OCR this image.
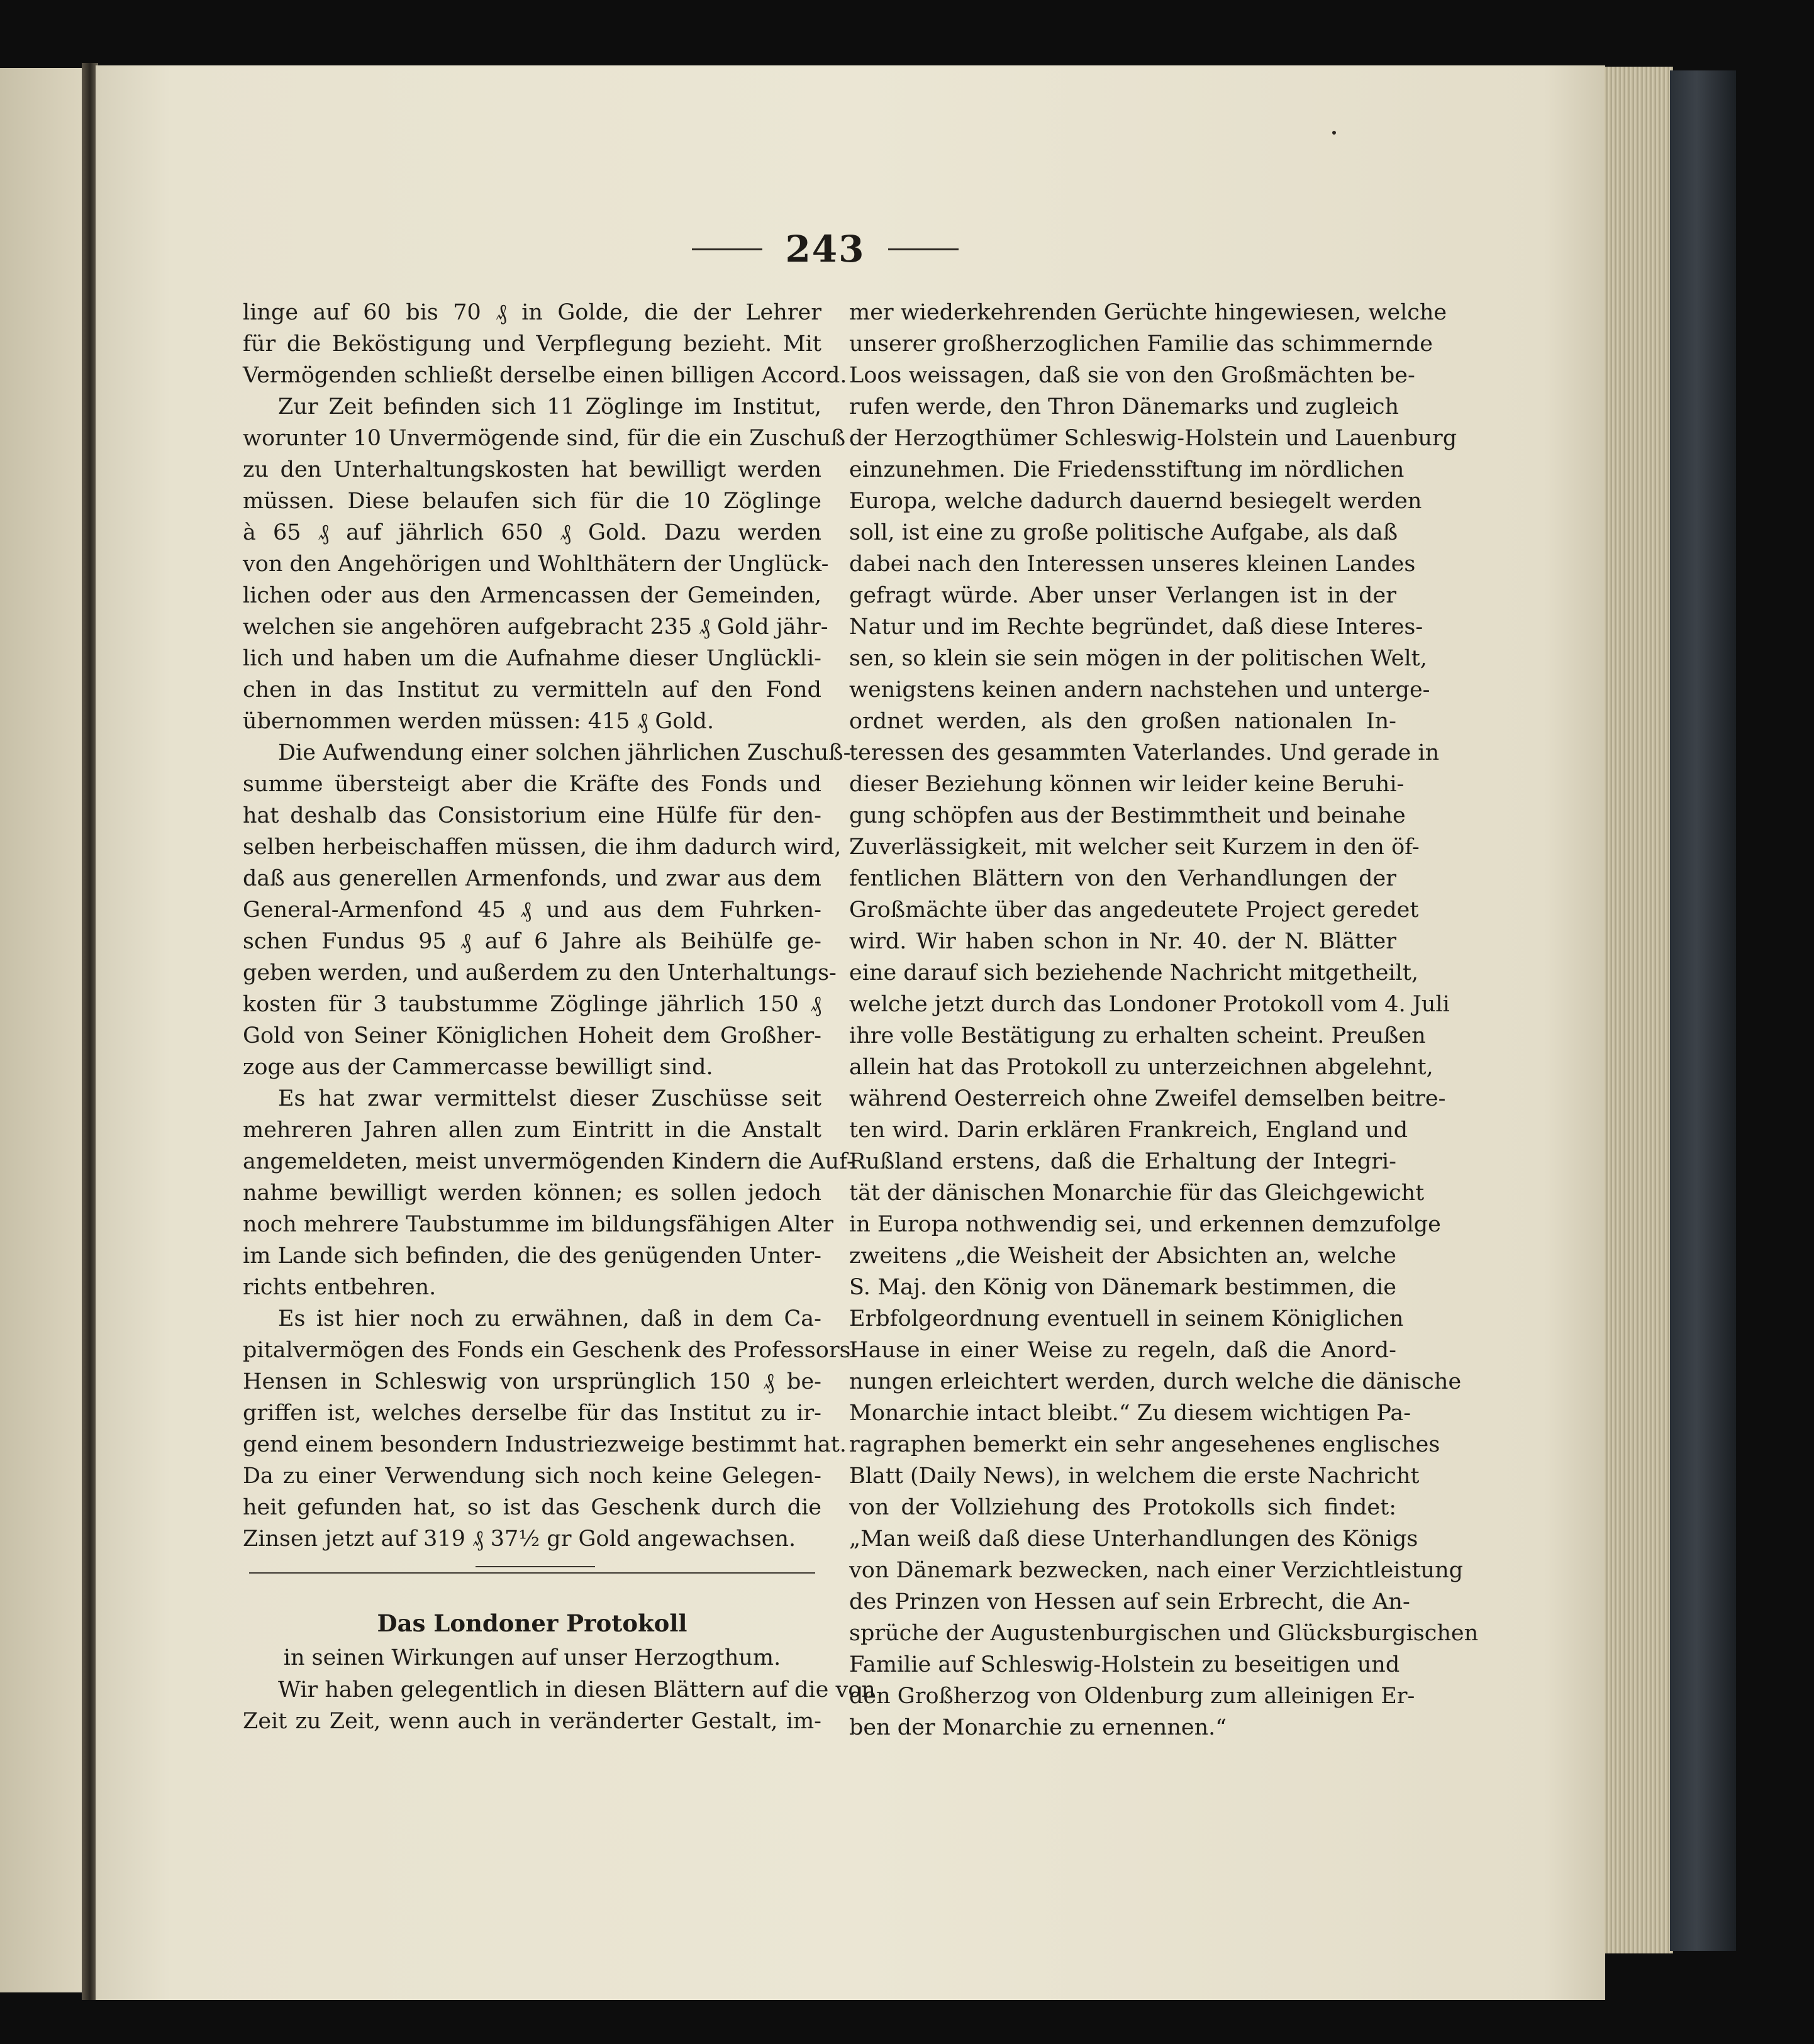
243
linge auf 60 bis 70 ₰ in Golde, die der Lehrer
für die Beköstigung und Verpflegung bezieht. Mit
Vermögenden schließt derselbe einen billigen Accord.
Zur Zeit befinden sich 11 Zöglinge im Institut,
worunter 10 Unvermögende sind, für die ein Zuschuß
zu den Unterhaltungskosten hat bewilligt werden
müssen. Diese belaufen sich für die 10 Zöglinge
à 65 ₰ auf jährlich 650 ₰ Gold. Dazu werden
von den Angehörigen und Wohlthätern der Unglück-
lichen oder aus den Armencassen der Gemeinden,
welchen sie angehören aufgebracht 235 ₰ Gold jähr-
lich und haben um die Aufnahme dieser Unglückli-
chen in das Institut zu vermitteln auf den Fond
übernommen werden müssen: 415 ₰ Gold.
Die Aufwendung einer solchen jährlichen Zuschuß-
summe übersteigt aber die Kräfte des Fonds und
hat deshalb das Consistorium eine Hülfe für den-
selben herbeischaffen müssen, die ihm dadurch wird,
daß aus generellen Armenfonds, und zwar aus dem
General-Armenfond 45 ₰ und aus dem Fuhrken-
schen Fundus 95 ₰ auf 6 Jahre als Beihülfe ge-
geben werden, und außerdem zu den Unterhaltungs-
kosten für 3 taubstumme Zöglinge jährlich 150 ₰
Gold von Seiner Königlichen Hoheit dem Großher-
zoge aus der Cammercasse bewilligt sind.
Es hat zwar vermittelst dieser Zuschüsse seit
mehreren Jahren allen zum Eintritt in die Anstalt
angemeldeten, meist unvermögenden Kindern die Auf-
nahme bewilligt werden können; es sollen jedoch
noch mehrere Taubstumme im bildungsfähigen Alter
im Lande sich befinden, die des genügenden Unter-
richts entbehren.
Es ist hier noch zu erwähnen, daß in dem Ca-
pitalvermögen des Fonds ein Geschenk des Professors
Hensen in Schleswig von ursprünglich 150 ₰ be-
griffen ist, welches derselbe für das Institut zu ir-
gend einem besondern Industriezweige bestimmt hat.
Da zu einer Verwendung sich noch keine Gelegen-
heit gefunden hat, so ist das Geschenk durch die
Zinsen jetzt auf 319 ₰ 37½ gr Gold angewachsen.
Das Londoner Protokoll
in seinen Wirkungen auf unser Herzogthum.
Wir haben gelegentlich in diesen Blättern auf die von
Zeit zu Zeit, wenn auch in veränderter Gestalt, im-
mer wiederkehrenden Gerüchte hingewiesen, welche
unserer großherzoglichen Familie das schimmernde
Loos weissagen, daß sie von den Großmächten be-
rufen werde, den Thron Dänemarks und zugleich
der Herzogthümer Schleswig-Holstein und Lauenburg
einzunehmen. Die Friedensstiftung im nördlichen
Europa, welche dadurch dauernd besiegelt werden
soll, ist eine zu große politische Aufgabe, als daß
dabei nach den Interessen unseres kleinen Landes
gefragt würde. Aber unser Verlangen ist in der
Natur und im Rechte begründet, daß diese Interes-
sen, so klein sie sein mögen in der politischen Welt,
wenigstens keinen andern nachstehen und unterge-
ordnet werden, als den großen nationalen In-
teressen des gesammten Vaterlandes. Und gerade in
dieser Beziehung können wir leider keine Beruhi-
gung schöpfen aus der Bestimmtheit und beinahe
Zuverlässigkeit, mit welcher seit Kurzem in den öf-
fentlichen Blättern von den Verhandlungen der
Großmächte über das angedeutete Project geredet
wird. Wir haben schon in Nr. 40. der N. Blätter
eine darauf sich beziehende Nachricht mitgetheilt,
welche jetzt durch das Londoner Protokoll vom 4. Juli
ihre volle Bestätigung zu erhalten scheint. Preußen
allein hat das Protokoll zu unterzeichnen abgelehnt,
während Oesterreich ohne Zweifel demselben beitre-
ten wird. Darin erklären Frankreich, England und
Rußland erstens, daß die Erhaltung der Integri-
tät der dänischen Monarchie für das Gleichgewicht
in Europa nothwendig sei, und erkennen demzufolge
zweitens „die Weisheit der Absichten an, welche
S. Maj. den König von Dänemark bestimmen, die
Erbfolgeordnung eventuell in seinem Königlichen
Hause in einer Weise zu regeln, daß die Anord-
nungen erleichtert werden, durch welche die dänische
Monarchie intact bleibt.“ Zu diesem wichtigen Pa-
ragraphen bemerkt ein sehr angesehenes englisches
Blatt (Daily News), in welchem die erste Nachricht
von der Vollziehung des Protokolls sich findet:
„Man weiß daß diese Unterhandlungen des Königs
von Dänemark bezwecken, nach einer Verzichtleistung
des Prinzen von Hessen auf sein Erbrecht, die An-
sprüche der Augustenburgischen und Glücksburgischen
Familie auf Schleswig-Holstein zu beseitigen und
den Großherzog von Oldenburg zum alleinigen Er-
ben der Monarchie zu ernennen.“
